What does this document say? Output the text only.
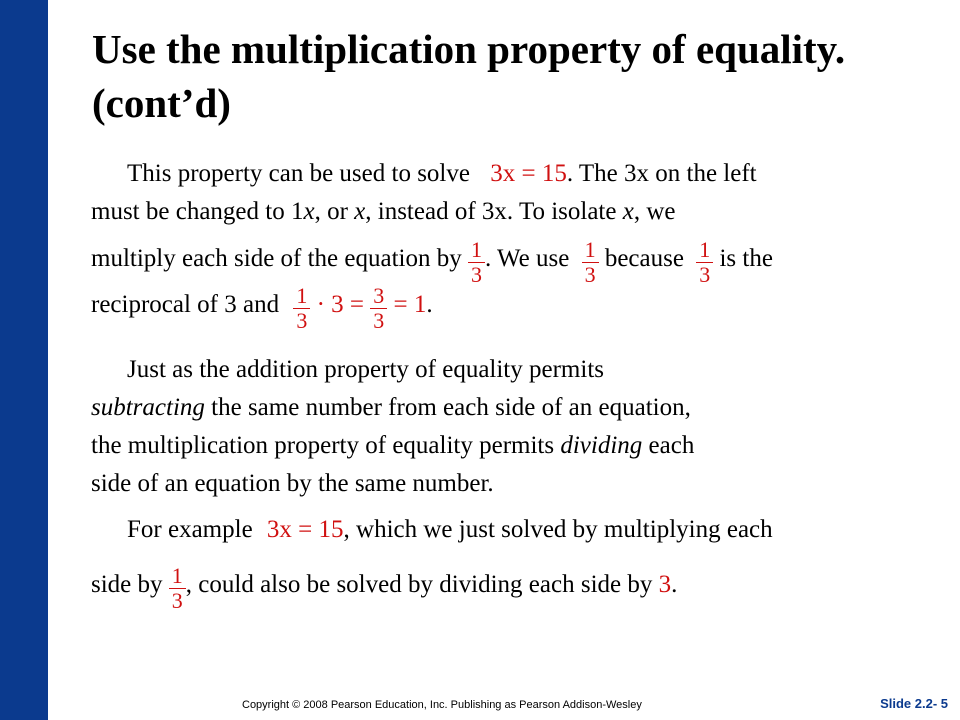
Use the multiplication property of equality. (cont’d)
This property can be used to solve 3x = 15. The 3x on the left
must be changed to 1x, or x, instead of 3x. To isolate x, we
multiply each side of the equation by $\frac{1}{3}$ . We use $\frac{1}{3}$ because $\frac{1}{3}$ is the
reciprocal of 3 and $\frac{1}{3} \cdot 3 = \frac{3}{3} = 1$.
Just as the addition property of equality permits
subtracting the same number from each side of an equation,
the multiplication property of equality permits dividing each
side of an equation by the same number.
For example 3x = 15, which we just solved by multiplying each
side by $\frac{1}{3}$ , could also be solved by dividing each side by 3.
Copyright © 2008 Pearson Education, Inc. Publishing as Pearson Addison-Wesley	Slide 2.2- 5
